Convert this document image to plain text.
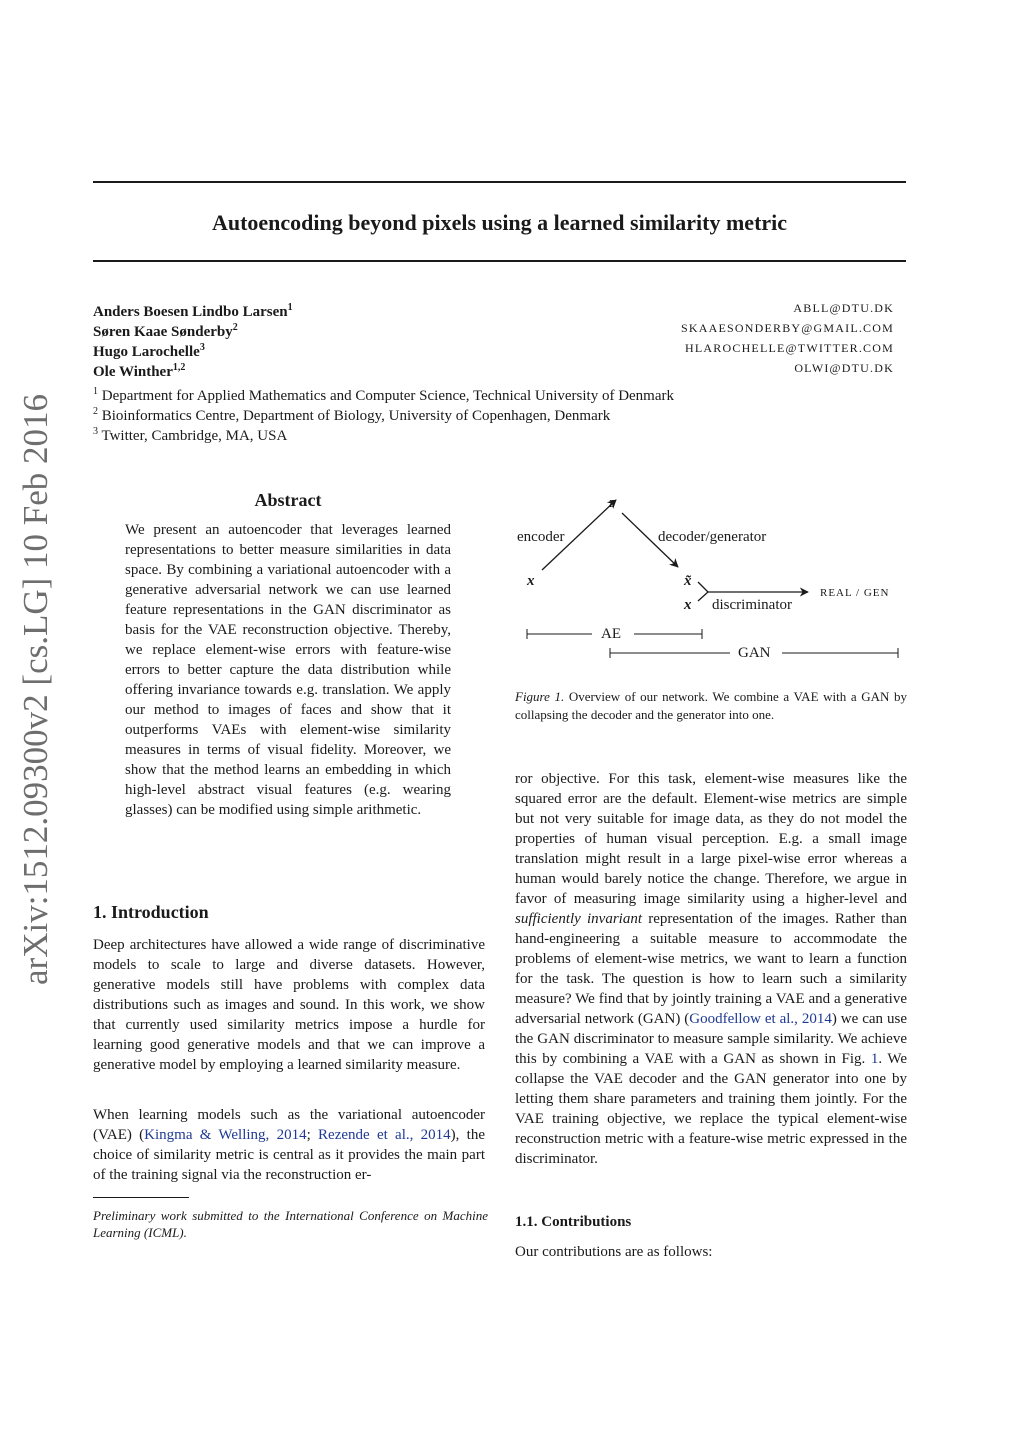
arXiv:1512.09300v2 [cs.LG] 10 Feb 2016
Autoencoding beyond pixels using a learned similarity metric
Anders Boesen Lindbo Larsen$^1$	ABLL@DTU.DK
Søren Kaae Sønderby$^2$	SKAAESONDERBY@GMAIL.COM
Hugo Larochelle$^3$	HLAROCHELLE@TWITTER.COM
Ole Winther$^{1,2}$	OLWI@DTU.DK
$^1$ Department for Applied Mathematics and Computer Science, Technical University of Denmark
$^2$ Bioinformatics Centre, Department of Biology, University of Copenhagen, Denmark
$^3$ Twitter, Cambridge, MA, USA
Abstract
We present an autoencoder that leverages learned representations to better measure similarities in data space. By combining a variational autoencoder with a generative adversarial network we can use learned feature representations in the GAN discriminator as basis for the VAE reconstruction objective. Thereby, we replace element-wise errors with feature-wise errors to better capture the data distribution while offering invariance towards e.g. translation. We apply our method to images of faces and show that it outperforms VAEs with element-wise similarity measures in terms of visual fidelity. Moreover, we show that the method learns an embedding in which high-level abstract visual features (e.g. wearing glasses) can be modified using simple arithmetic.
1. Introduction
Deep architectures have allowed a wide range of discriminative models to scale to large and diverse datasets. However, generative models still have problems with complex data distributions such as images and sound. In this work, we show that currently used similarity metrics impose a hurdle for learning good generative models and that we can improve a generative model by employing a learned similarity measure.
When learning models such as the variational autoencoder (VAE) (Kingma & Welling, 2014; Rezende et al., 2014), the choice of similarity metric is central as it provides the main part of the training signal via the reconstruction er-
Preliminary work submitted to the International Conference on Machine Learning (ICML).
z
x	x̃
x
encoder	decoder/generator
discriminator
REAL / GEN
AE
GAN
Figure 1. Overview of our network. We combine a VAE with a GAN by collapsing the decoder and the generator into one.
ror objective. For this task, element-wise measures like the squared error are the default. Element-wise metrics are simple but not very suitable for image data, as they do not model the properties of human visual perception. E.g. a small image translation might result in a large pixel-wise error whereas a human would barely notice the change. Therefore, we argue in favor of measuring image similarity using a higher-level and sufficiently invariant representation of the images. Rather than hand-engineering a suitable measure to accommodate the problems of element-wise metrics, we want to learn a function for the task. The question is how to learn such a similarity measure? We find that by jointly training a VAE and a generative adversarial network (GAN) (Goodfellow et al., 2014) we can use the GAN discriminator to measure sample similarity. We achieve this by combining a VAE with a GAN as shown in Fig. 1. We collapse the VAE decoder and the GAN generator into one by letting them share parameters and training them jointly. For the VAE training objective, we replace the typical element-wise reconstruction metric with a feature-wise metric expressed in the discriminator.
1.1. Contributions
Our contributions are as follows:
